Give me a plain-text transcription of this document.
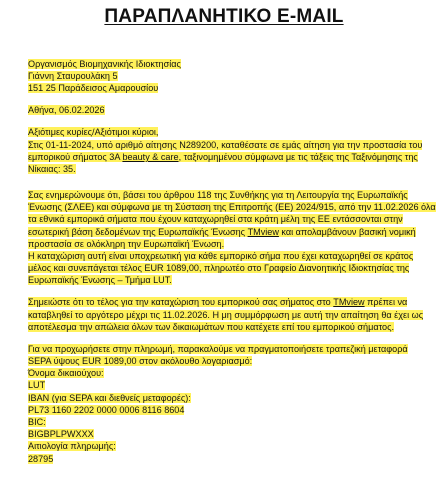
ΠΑΡΑΠΛΑΝΗΤΙΚΟ E-MAIL
Οργανισμός Βιομηχανικής Ιδιοκτησίας
Γιάννη Σταυρουλάκη 5
151 25 Παράδεισος Αμαρουσίου
Αθήνα, 06.02.2026
Αξιότιμες κυρίες/Αξιότιμοι κύριοι,
Στις 01-11-2024, υπό αριθμό αίτησης N289200, καταθέσατε σε εμάς αίτηση για την προστασία του
εμπορικού σήματος 3A beauty & care, ταξινομημένου σύμφωνα με τις τάξεις της Ταξινόμησης της
Νίκαιας: 35.
Σας ενημερώνουμε ότι, βάσει του άρθρου 118 της Συνθήκης για τη Λειτουργία της Ευρωπαϊκής
Ένωσης (ΣΛΕΕ) και σύμφωνα με τη Σύσταση της Επιτροπής (ΕΕ) 2024/915, από την 11.02.2026 όλα
τα εθνικά εμπορικά σήματα που έχουν καταχωρηθεί στα κράτη μέλη της ΕΕ εντάσσονται στην
εσωτερική βάση δεδομένων της Ευρωπαϊκής Ένωσης TMview και απολαμβάνουν βασική νομική
προστασία σε ολόκληρη την Ευρωπαϊκή Ένωση.
Η καταχώριση αυτή είναι υποχρεωτική για κάθε εμπορικό σήμα που έχει καταχωρηθεί σε κράτος
μέλος και συνεπάγεται τέλος EUR 1089,00, πληρωτέο στο Γραφείο Διανοητικής Ιδιοκτησίας της
Ευρωπαϊκής Ένωσης – Τμήμα LUT.
Σημειώστε ότι το τέλος για την καταχώριση του εμπορικού σας σήματος στο TMview πρέπει να
καταβληθεί το αργότερο μέχρι τις 11.02.2026. Η μη συμμόρφωση με αυτή την απαίτηση θα έχει ως
αποτέλεσμα την απώλεια όλων των δικαιωμάτων που κατέχετε επί του εμπορικού σήματος.
Για να προχωρήσετε στην πληρωμή, παρακαλούμε να πραγματοποιήσετε τραπεζική μεταφορά
SEPA ύψους EUR 1089,00 στον ακόλουθο λογαριασμό:
Όνομα δικαιούχου:
LUT
IBAN (για SEPA και διεθνείς μεταφορές):
PL73 1160 2202 0000 0006 8116 8604
BIC:
BIGBPLPWXXX
Αιτιολογία πληρωμής:
28795
